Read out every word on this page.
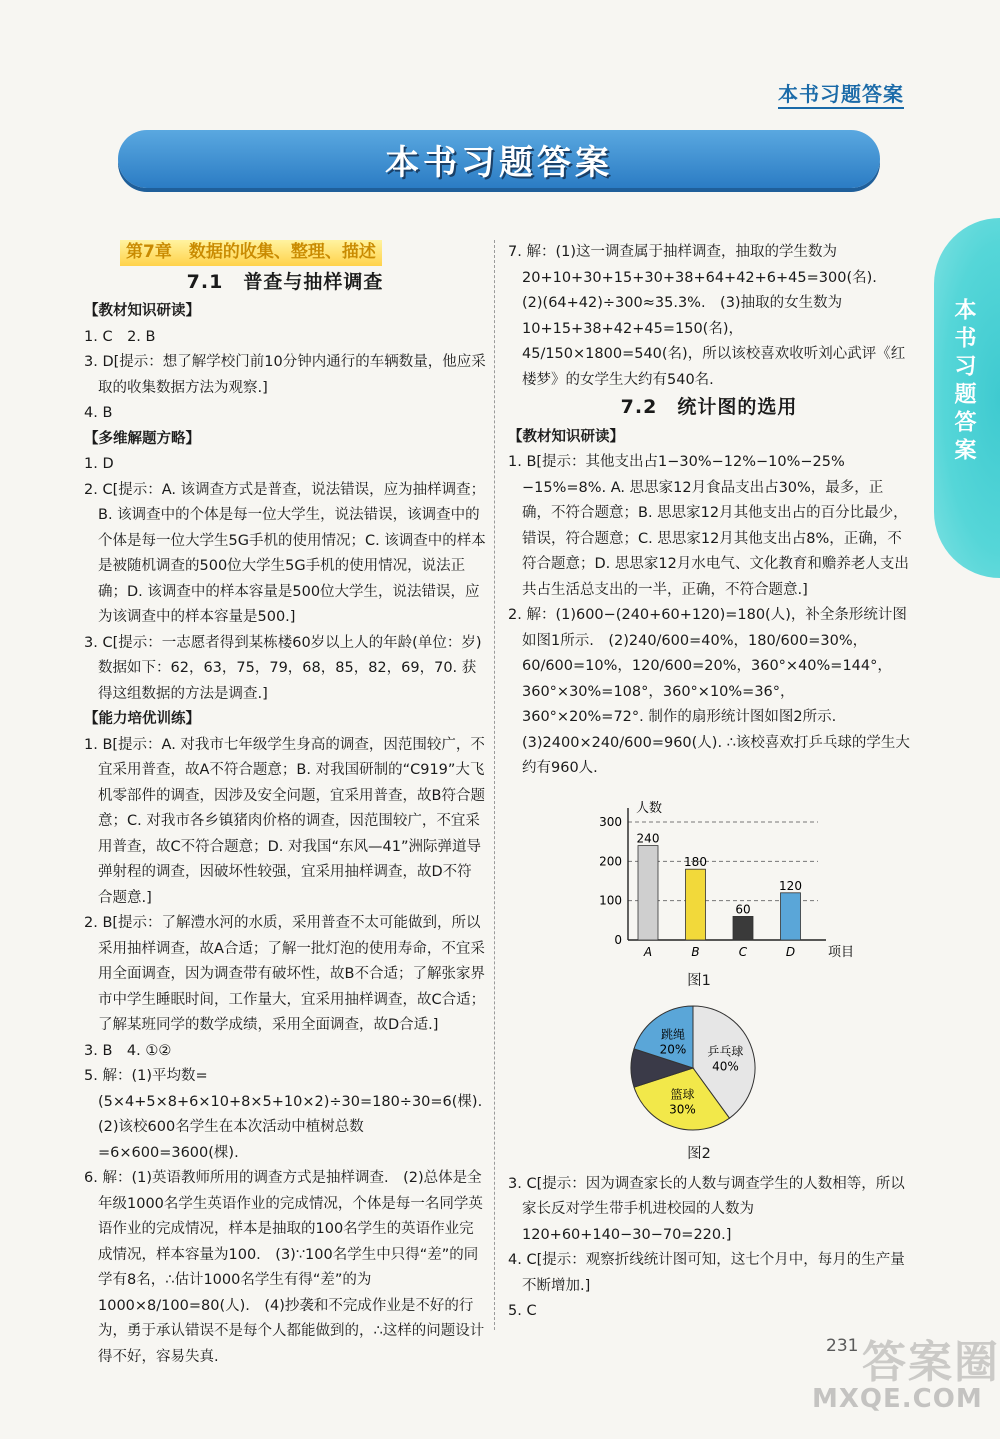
本书习题答案
本书习题答案
本书习题答案
第7章　数据的收集、整理、描述
7.1　普查与抽样调查

【教材知识研读】

1. C　2. B

3. D[提示：想了解学校门前10分钟内通行的车辆数量，他应采取的收集数据方法为观察.]

4. B

【多维解题方略】

1. D

2. C[提示：A. 该调查方式是普查，说法错误，应为抽样调查；B. 该调查中的个体是每一位大学生，说法错误，该调查中的个体是每一位大学生5G手机的使用情况；C. 该调查中的样本是被随机调查的500位大学生5G手机的使用情况，说法正确；D. 该调查中的样本容量是500位大学生，说法错误，应为该调查中的样本容量是500.]

3. C[提示：一志愿者得到某栋楼60岁以上人的年龄(单位：岁)数据如下：62，63，75，79，68，85，82，69，70. 获得这组数据的方法是调查.]

【能力培优训练】

1. B[提示：A. 对我市七年级学生身高的调查，因范围较广，不宜采用普查，故A不符合题意；B. 对我国研制的“C919”大飞机零部件的调查，因涉及安全问题，宜采用普查，故B符合题意；C. 对我市各乡镇猪肉价格的调查，因范围较广，不宜采用普查，故C不符合题意；D. 对我国“东风—41”洲际弹道导弹射程的调查，因破坏性较强，宜采用抽样调查，故D不符合题意.]

2. B[提示：了解澧水河的水质，采用普查不太可能做到，所以采用抽样调查，故A合适；了解一批灯泡的使用寿命，不宜采用全面调查，因为调查带有破坏性，故B不合适；了解张家界市中学生睡眠时间，工作量大，宜采用抽样调查，故C合适；了解某班同学的数学成绩，采用全面调查，故D合适.]

3. B　4. ①②

5. 解：(1)平均数=(5×4+5×8+6×10+8×5+10×2)÷30=180÷30=6(棵).　(2)该校600名学生在本次活动中植树总数=6×600=3600(棵).

6. 解：(1)英语教师所用的调查方式是抽样调查.　(2)总体是全年级1000名学生英语作业的完成情况，个体是每一名同学英语作业的完成情况，样本是抽取的100名学生的英语作业完成情况，样本容量为100.　(3)∵100名学生中只得“差”的同学有8名，∴估计1000名学生有得“差”的为1000×8/100=80(人).　(4)抄袭和不完成作业是不好的行为，勇于承认错误不是每个人都能做到的，∴这样的问题设计得不好，容易失真.

7. 解：(1)这一调查属于抽样调查，抽取的学生数为20+10+30+15+30+38+64+42+6+45=300(名).　(2)(64+42)÷300≈35.3%.　(3)抽取的女生数为10+15+38+42+45=150(名)，45/150×1800=540(名)，所以该校喜欢收听刘心武评《红楼梦》的女学生大约有540名.

7.2　统计图的选用

【教材知识研读】

1. B[提示：其他支出占1−30%−12%−10%−25%−15%=8%. A. 思思家12月食品支出占30%，最多，正确，不符合题意；B. 思思家12月其他支出占的百分比最少，错误，符合题意；C. 思思家12月其他支出占8%，正确，不符合题意；D. 思思家12月水电气、文化教育和赡养老人支出共占生活总支出的一半，正确，不符合题意.]

2. 解：(1)600−(240+60+120)=180(人)，补全条形统计图如图1所示.　(2)240/600=40%，180/600=30%，60/600=10%，120/600=20%，360°×40%=144°，360°×30%=108°，360°×10%=36°，360°×20%=72°. 制作的扇形统计图如图2所示.　(3)2400×240/600=960(人). ∴该校喜欢打乒乓球的学生大约有960人.

0
100
200
300
人数
项目
240
A
180
B
60
C
120
D
图1
乒乓球
40%
篮球
30%
跳绳
20%
图2

3. C[提示：因为调查家长的人数与调查学生的人数相等，所以家长反对学生带手机进校园的人数为120+60+140−30−70=220.]

4. C[提示：观察折线统计图可知，这七个月中，每月的生产量不断增加.]

5. C

231 答案圈
MXQE.COM
